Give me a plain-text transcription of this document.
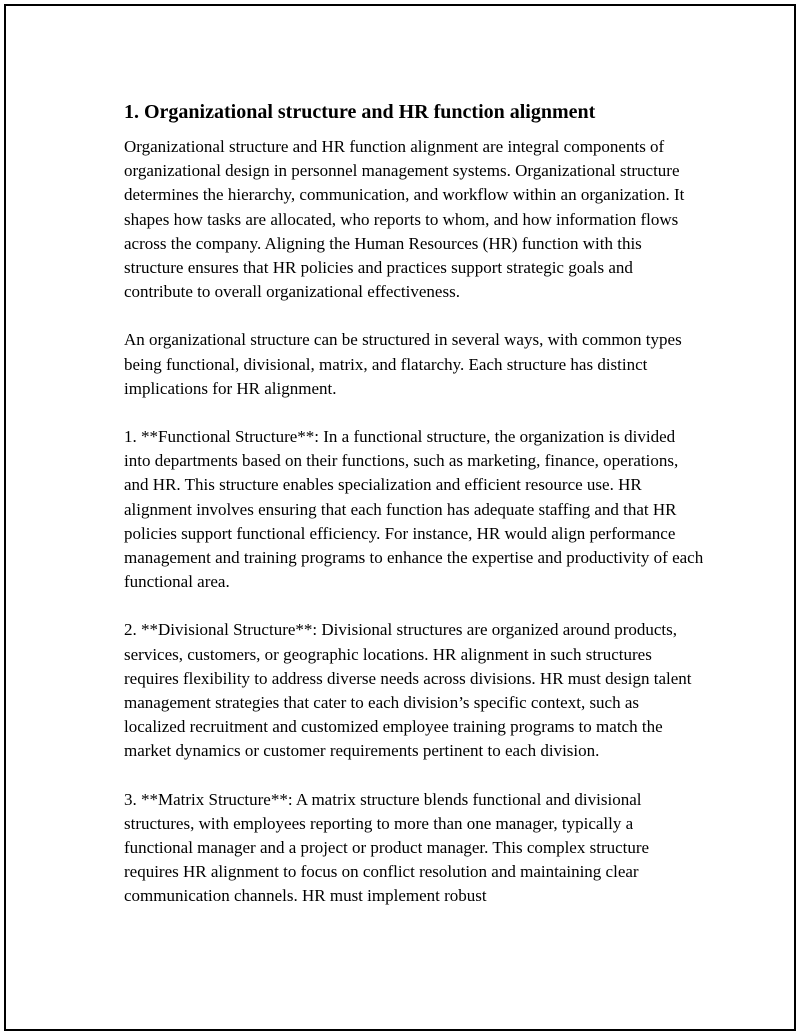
1. Organizational structure and HR function alignment

Organizational structure and HR function alignment are integral components of organizational design in personnel management systems. Organizational structure determines the hierarchy, communication, and workflow within an organization. It shapes how tasks are allocated, who reports to whom, and how information flows across the company. Aligning the Human Resources (HR) function with this structure ensures that HR policies and practices support strategic goals and contribute to overall organizational effectiveness.

An organizational structure can be structured in several ways, with common types being functional, divisional, matrix, and flatarchy. Each structure has distinct implications for HR alignment.

1. **Functional Structure**: In a functional structure, the organization is divided into departments based on their functions, such as marketing, finance, operations, and HR. This structure enables specialization and efficient resource use. HR alignment involves ensuring that each function has adequate staffing and that HR policies support functional efficiency. For instance, HR would align performance management and training programs to enhance the expertise and productivity of each functional area.

2. **Divisional Structure**: Divisional structures are organized around products, services, customers, or geographic locations. HR alignment in such structures requires flexibility to address diverse needs across divisions. HR must design talent management strategies that cater to each division’s specific context, such as localized recruitment and customized employee training programs to match the market dynamics or customer requirements pertinent to each division.

3. **Matrix Structure**: A matrix structure blends functional and divisional structures, with employees reporting to more than one manager, typically a functional manager and a project or product manager. This complex structure requires HR alignment to focus on conflict resolution and maintaining clear communication channels. HR must implement robust
